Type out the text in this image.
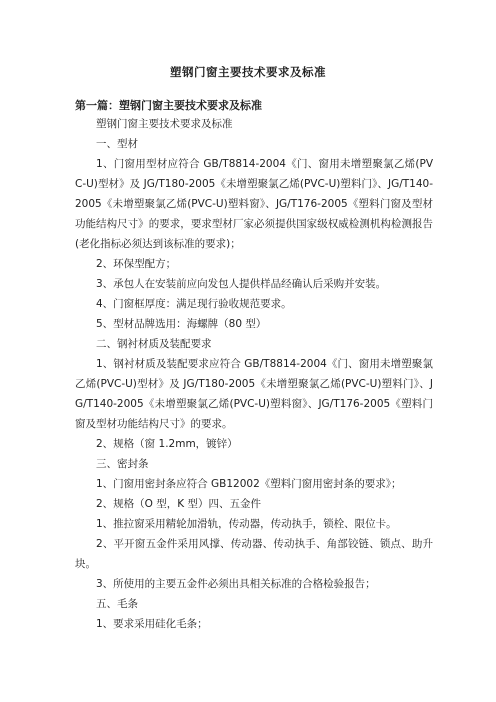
塑钢门窗主要技术要求及标准
第一篇：塑钢门窗主要技术要求及标准

塑钢门窗主要技术要求及标准

一、型材

1、门窗用型材应符合 GB/T8814-2004《门、窗用未增塑聚氯乙烯(PVC-U)型材》及 JG/T180-2005《未增塑聚氯乙烯(PVC-U)塑料门》、JG/T140-2005《未增塑聚氯乙烯(PVC-U)塑料窗》、JG/T176-2005《塑料门窗及型材功能结构尺寸》的要求，要求型材厂家必须提供国家级权威检测机构检测报告(老化指标必须达到该标准的要求)；

2、环保型配方；

3、承包人在安装前应向发包人提供样品经确认后采购并安装。

4、门窗框厚度：满足现行验收规范要求。

5、型材品牌选用：海螺牌（80 型）

二、钢衬材质及装配要求

1、钢衬材质及装配要求应符合 GB/T8814-2004《门、窗用未增塑聚氯乙烯(PVC-U)型材》及 JG/T180-2005《未增塑聚氯乙烯(PVC-U)塑料门》、JG/T140-2005《未增塑聚氯乙烯(PVC-U)塑料窗》、JG/T176-2005《塑料门窗及型材功能结构尺寸》的要求。

2、规格（窗 1.2mm，镀锌）

三、密封条

1、门窗用密封条应符合 GB12002《塑料门窗用密封条的要求》；

2、规格（O 型，K 型）四、五金件

1、推拉窗采用精轮加滑轨，传动器，传动执手，锁栓、限位卡。

2、平开窗五金件采用风撑、传动器、传动执手、角部铰链、锁点、助升块。

3、所使用的主要五金件必须出具相关标准的合格检验报告；

五、毛条

1、要求采用硅化毛条；
